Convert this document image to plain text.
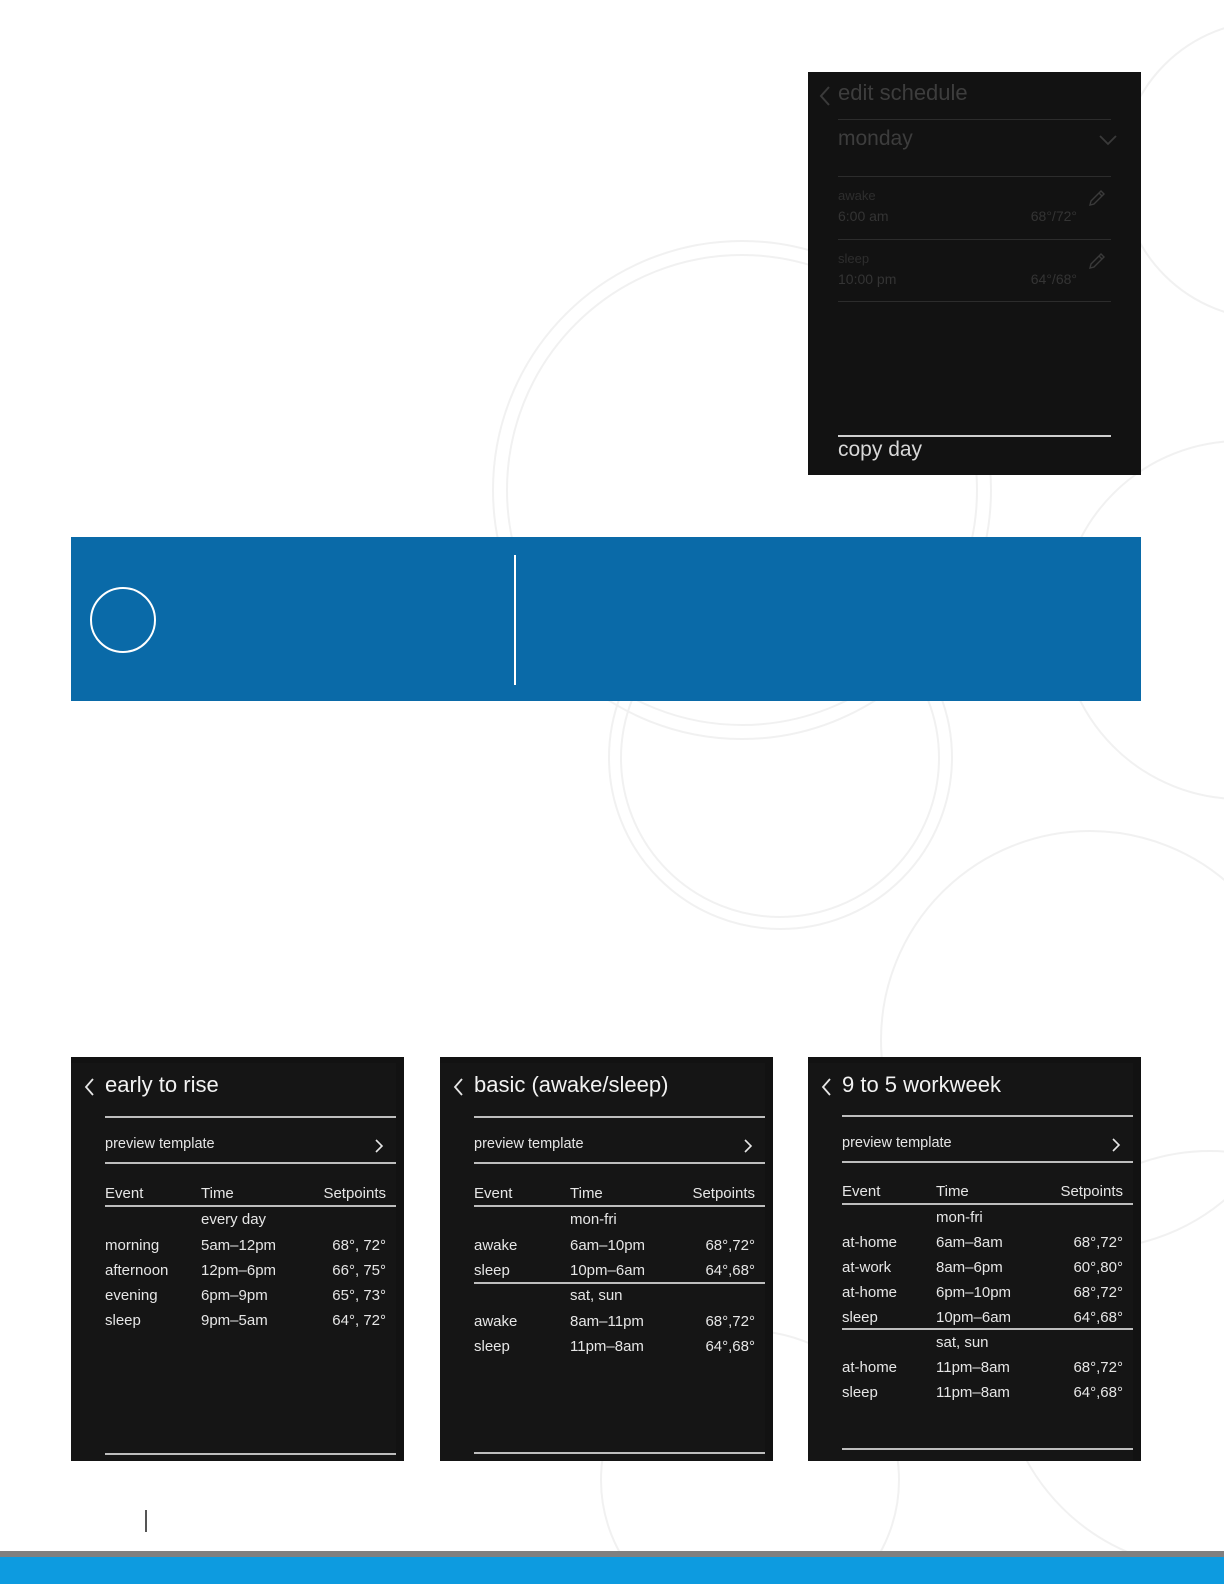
edit schedule
monday
awake
6:00 am	68°/72°
sleep
10:00 pm	64°/68°
copy day
early to rise
preview template
Event	Time	Setpoints
every day
morning	5am–12pm	68°, 72°
afternoon 12pm–6pm	66°, 75°
evening	6pm–9pm	65°, 73°
sleep	9pm–5am	64°, 72°
basic (awake/sleep)
preview template
Event	Time	Setpoints
mon-fri
awake	6am–10pm	68°,72°
sleep	10pm–6am	64°,68°
sat, sun
awake	8am–11pm	68°,72°
sleep	11pm–8am	64°,68°
9 to 5 workweek
preview template
Event	Time	Setpoints
mon-fri
at-home	6am–8am	68°,72°
at-work	8am–6pm	60°,80°
at-home	6pm–10pm	68°,72°
sleep	10pm–6am	64°,68°
sat, sun
at-home	11pm–8am	68°,72°
sleep	11pm–8am	64°,68°
